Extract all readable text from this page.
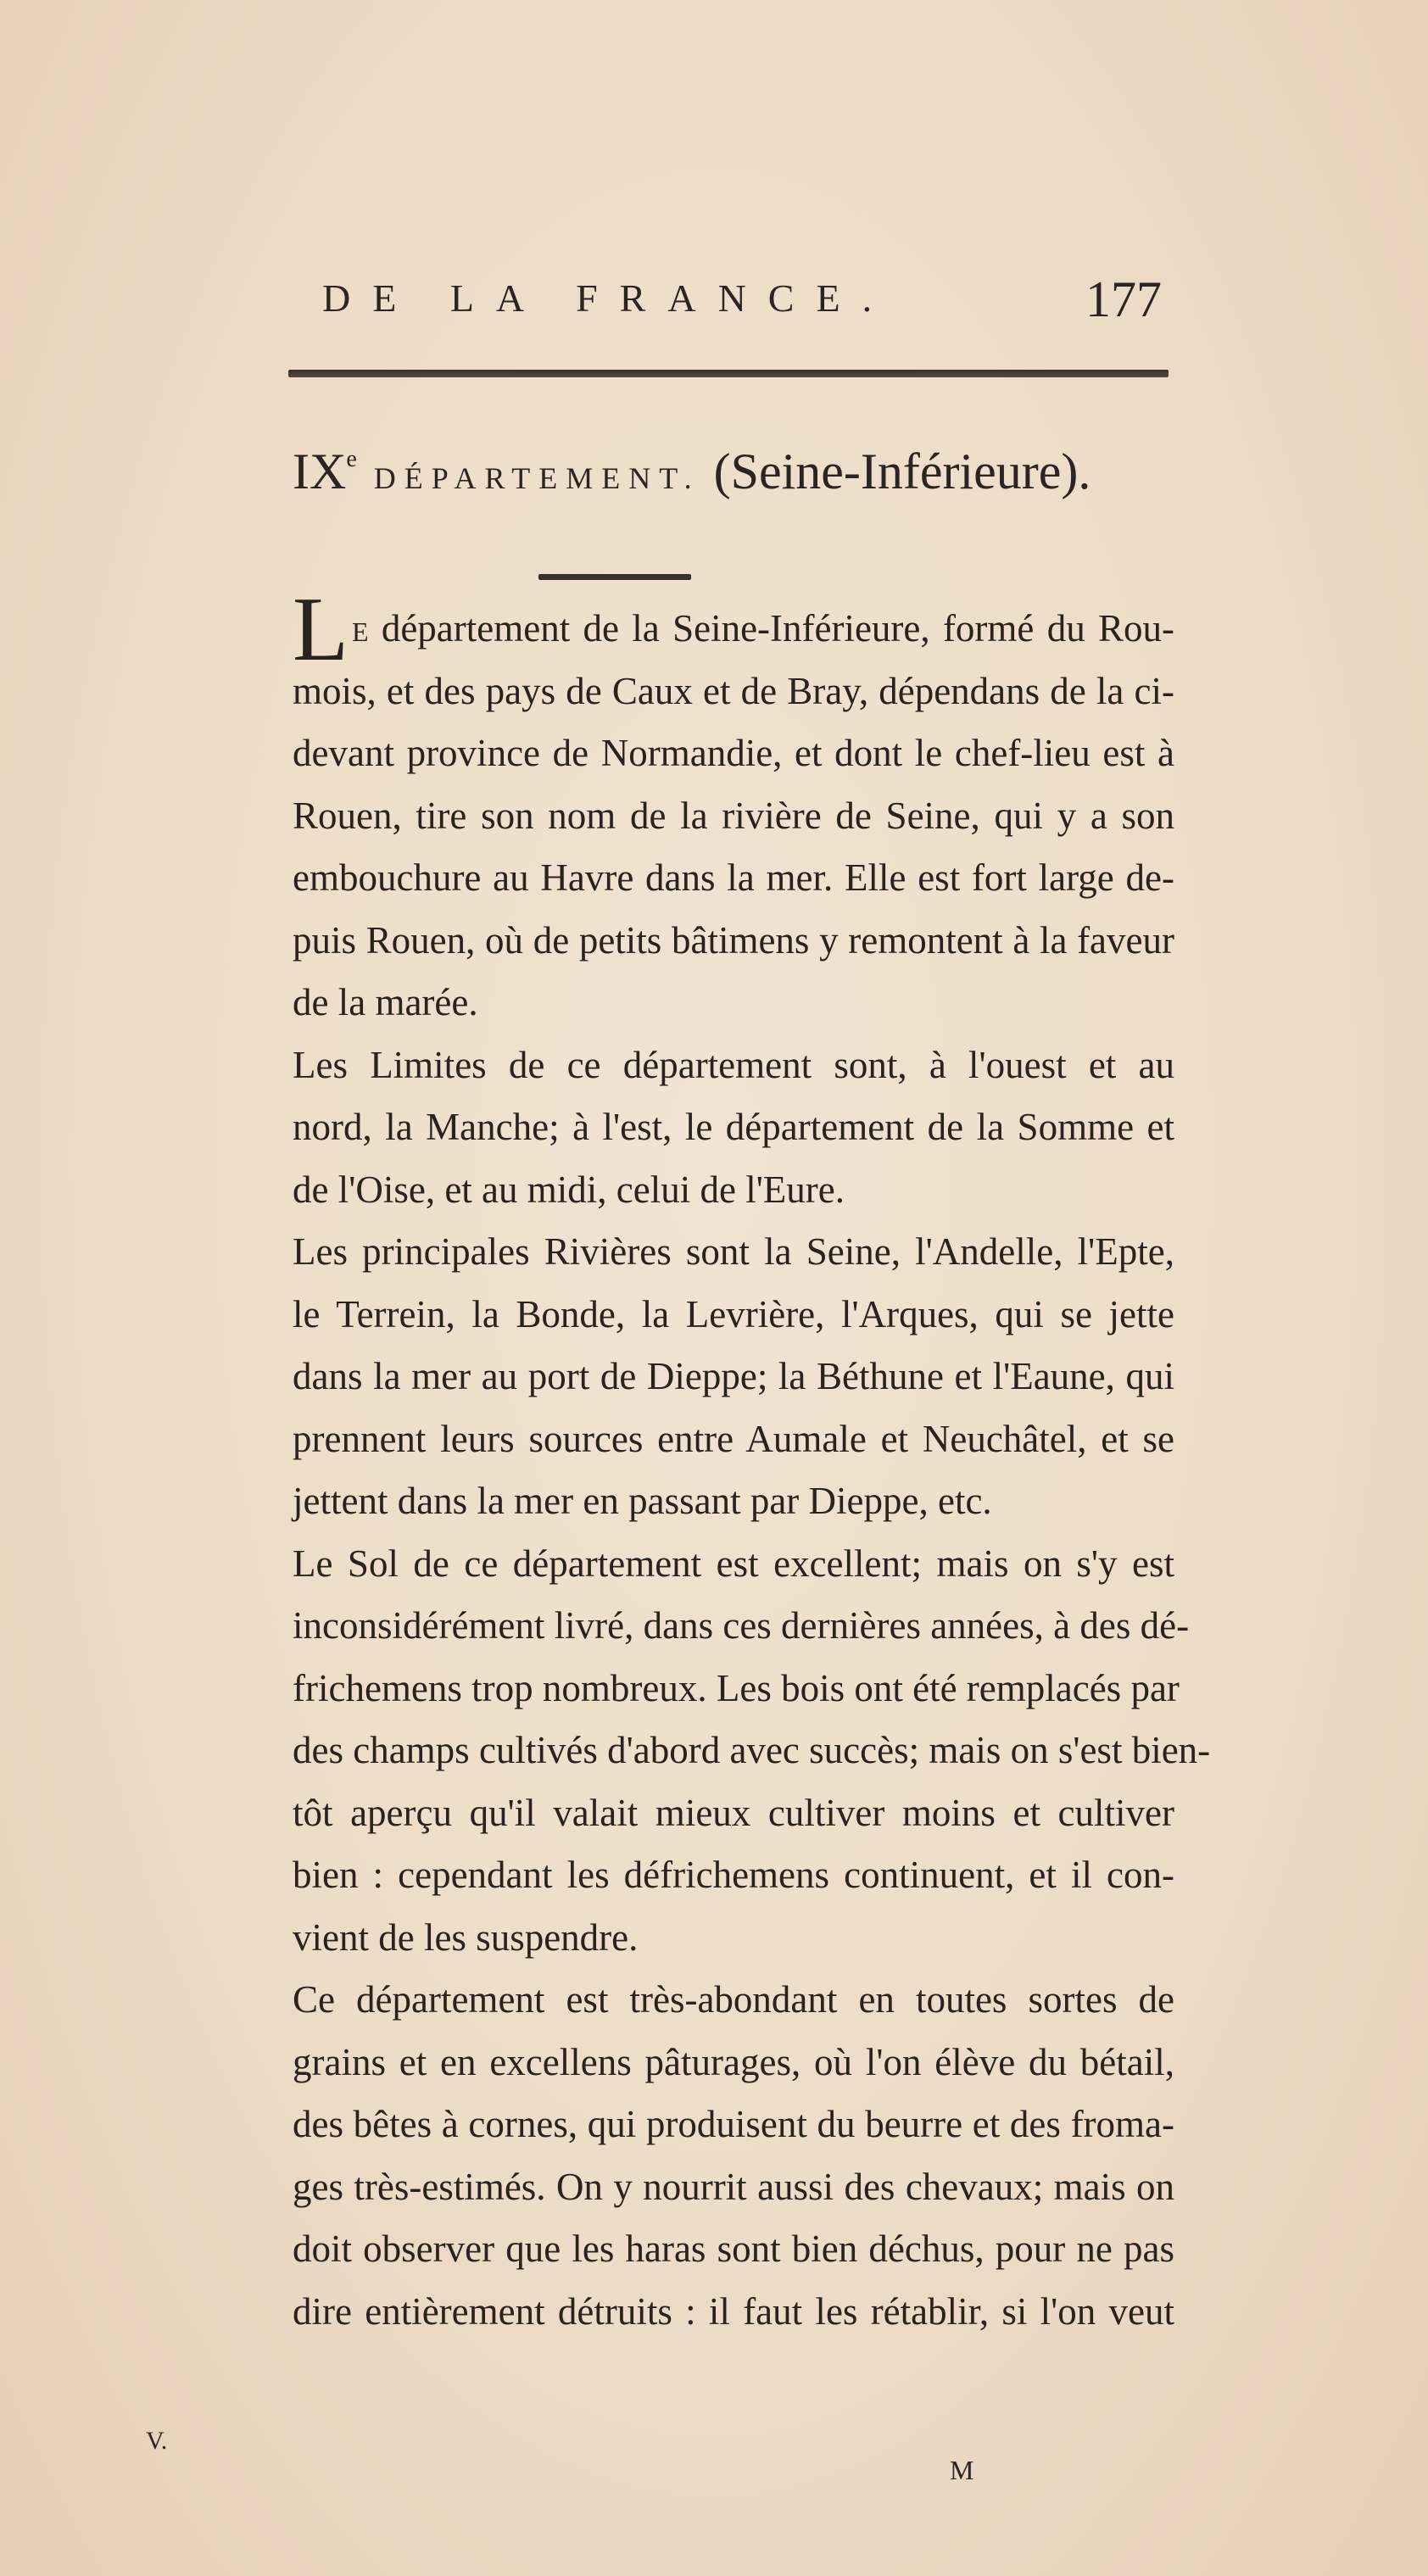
DE LA FRANCE.	177
IXeDÉPARTEMENT. (Seine-Inférieure).
L E département de la Seine-Inférieure, formé du Rou-
mois, et des pays de Caux et de Bray, dépendans de la ci-
devant province de Normandie, et dont le chef-lieu est à
Rouen, tire son nom de la rivière de Seine, qui y a son
embouchure au Havre dans la mer. Elle est fort large de-
puis Rouen, où de petits bâtimens y remontent à la faveur
de la marée.
Les Limites de ce département sont, à l'ouest et au
nord, la Manche; à l'est, le département de la Somme et
de l'Oise, et au midi, celui de l'Eure.
Les principales Rivières sont la Seine, l'Andelle, l'Epte,
le Terrein, la Bonde, la Levrière, l'Arques, qui se jette
dans la mer au port de Dieppe; la Béthune et l'Eaune, qui
prennent leurs sources entre Aumale et Neuchâtel, et se
jettent dans la mer en passant par Dieppe, etc.
Le Sol de ce département est excellent; mais on s'y est
inconsidérément livré, dans ces dernières années, à des dé-
frichemens trop nombreux. Les bois ont été remplacés par
des champs cultivés d'abord avec succès; mais on s'est bien-
tôt aperçu qu'il valait mieux cultiver moins et cultiver
bien : cependant les défrichemens continuent, et il con-
vient de les suspendre.
Ce département est très-abondant en toutes sortes de
grains et en excellens pâturages, où l'on élève du bétail,
des bêtes à cornes, qui produisent du beurre et des froma-
ges très-estimés. On y nourrit aussi des chevaux; mais on
doit observer que les haras sont bien déchus, pour ne pas
dire entièrement détruits : il faut les rétablir, si l'on veut
V.
M
